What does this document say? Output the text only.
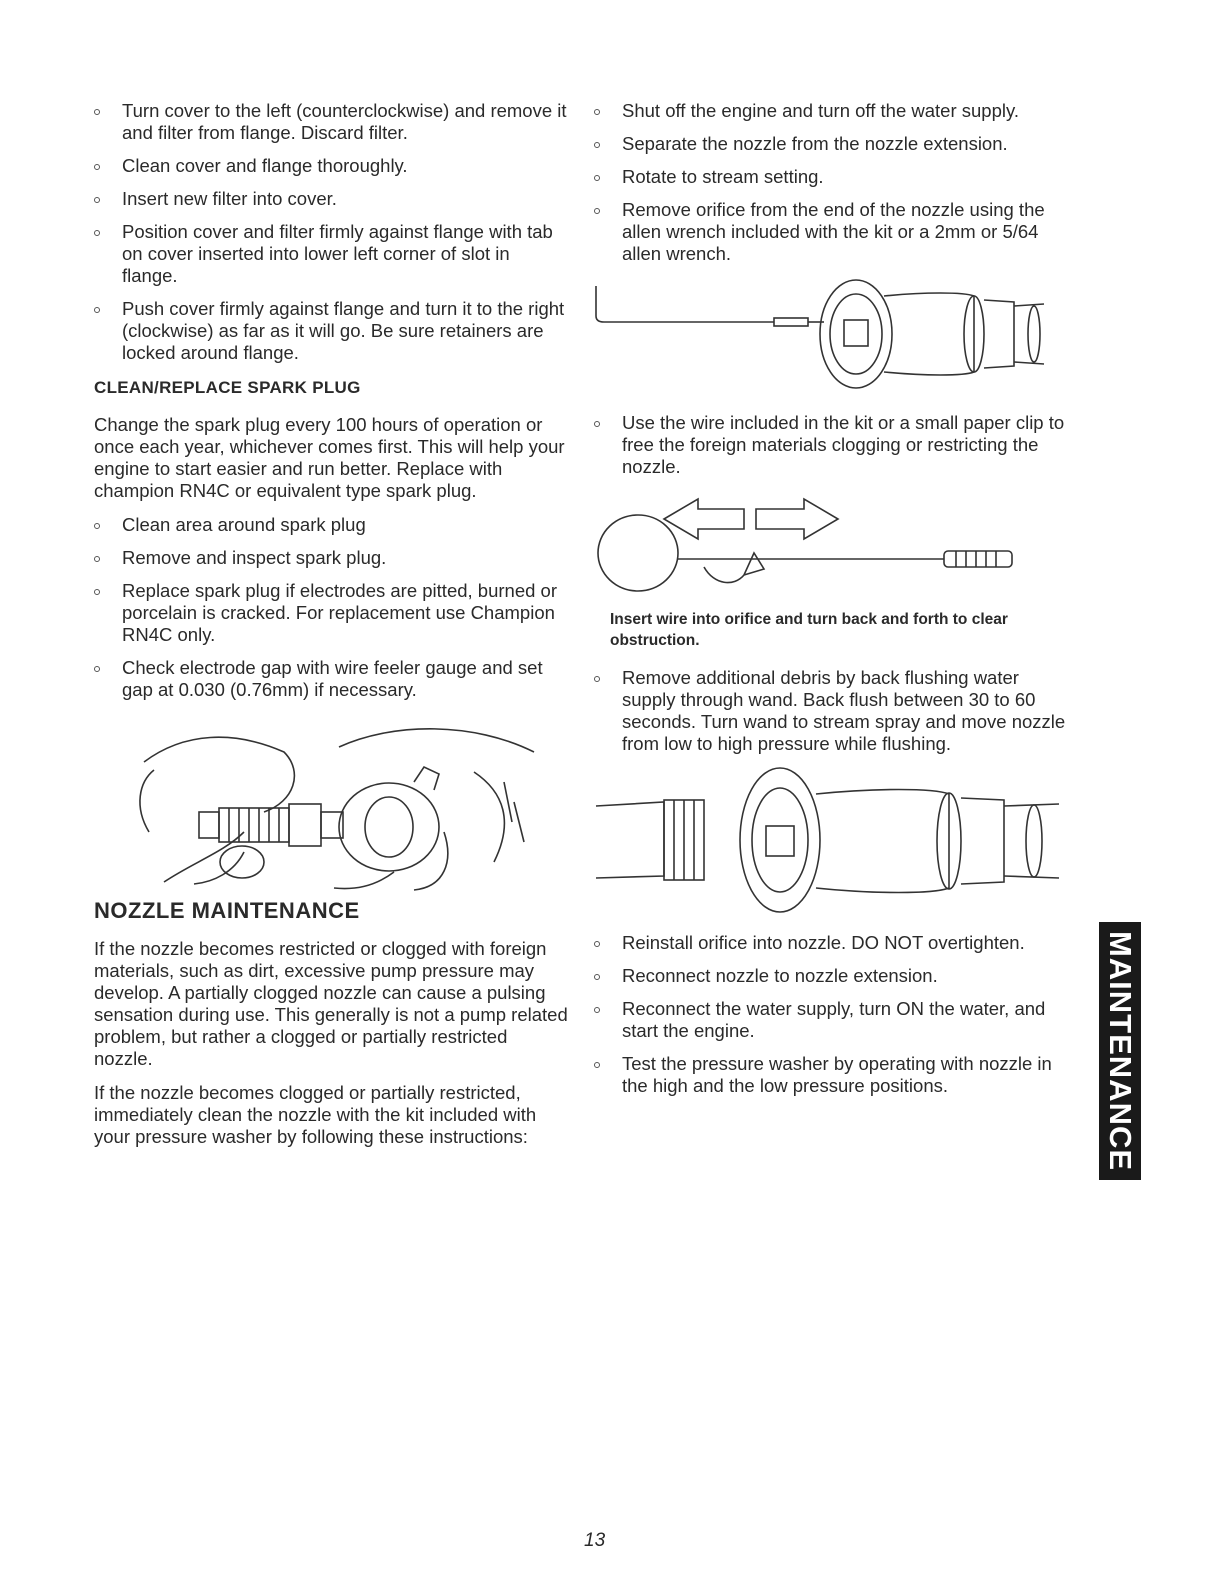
Turn cover to the left (counterclockwise) and remove it and filter from flange. Discard filter.
Clean cover and flange thoroughly.
Insert new filter into cover.
Position cover and filter firmly against flange with tab on cover inserted into lower left corner of slot in flange.
Push cover firmly against flange and turn it to the right (clockwise) as far as it will go. Be sure retainers are locked around flange.
CLEAN/REPLACE SPARK PLUG
Change the spark plug every 100 hours of operation or once each year, whichever comes first. This will help your engine to start easier and run better. Replace with champion RN4C or equivalent type spark plug.
Clean area around spark plug
Remove and inspect spark plug.
Replace spark plug if electrodes are pitted, burned or porcelain is cracked. For replacement use Champion RN4C only.
Check electrode gap with wire feeler gauge and set gap at 0.030 (0.76mm) if necessary.
NOZZLE MAINTENANCE
If the nozzle becomes restricted or clogged with foreign materials, such as dirt, excessive pump pressure may develop. A partially clogged nozzle can cause a pulsing sensation during use. This generally is not a pump related problem, but rather a clogged or partially restricted nozzle.
If the nozzle becomes clogged or partially restricted, immediately clean the nozzle with the kit included with your pressure washer by following these instructions:
Shut off the engine and turn off the water supply.
Separate the nozzle from the nozzle extension.
Rotate to stream setting.
Remove orifice from the end of the nozzle using the allen wrench included with the kit or a 2mm or 5/64 allen wrench.
Use the wire included in the kit or a small paper clip to free the foreign materials clogging or restricting the nozzle.
Insert wire into orifice and turn back and forth to clear obstruction.
Remove additional debris by back flushing water supply through wand. Back flush between 30 to 60 seconds. Turn wand to stream spray and move nozzle from low to high pressure while flushing.
Reinstall orifice into nozzle. DO NOT overtighten.
Reconnect nozzle to nozzle extension.
Reconnect the water supply, turn ON the water, and start the engine.
Test the pressure washer by operating with nozzle in the high and the low pressure positions.	MAINTENANCE
13
